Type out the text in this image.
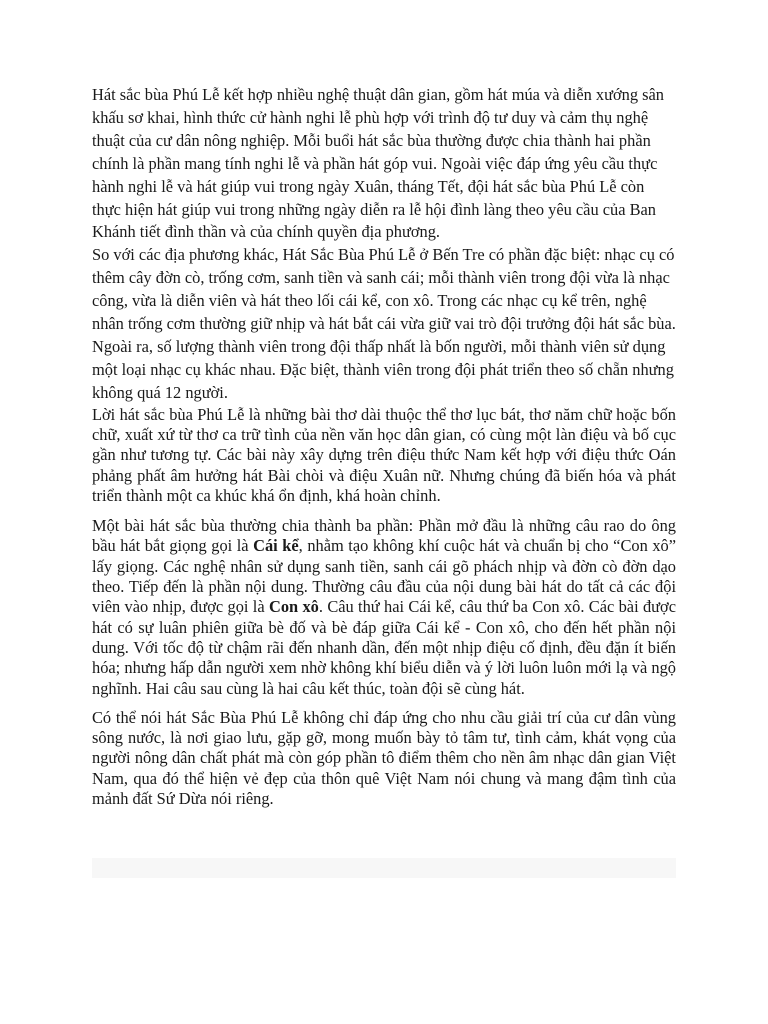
Hát sắc bùa Phú Lễ kết hợp nhiều nghệ thuật dân gian, gồm hát múa và diễn xướng sân khấu sơ khai, hình thức cử hành nghi lễ phù hợp với trình độ tư duy và cảm thụ nghệ thuật của cư dân nông nghiệp. Mỗi buổi hát sắc bùa thường được chia thành hai phần chính là phần mang tính nghi lễ và phần hát góp vui. Ngoài việc đáp ứng yêu cầu thực hành nghi lễ và hát giúp vui trong ngày Xuân, tháng Tết, đội hát sắc bùa Phú Lễ còn thực hiện hát giúp vui trong những ngày diễn ra lễ hội đình làng theo yêu cầu của Ban Khánh tiết đình thần và của chính quyền địa phương.

So với các địa phương khác, Hát Sắc Bùa Phú Lễ ở Bến Tre có phần đặc biệt: nhạc cụ có thêm cây đờn cò, trống cơm, sanh tiền và sanh cái; mỗi thành viên trong đội vừa là nhạc công, vừa là diễn viên và hát theo lối cái kể, con xô. Trong các nhạc cụ kể trên, nghệ nhân trống cơm thường giữ nhịp và hát bắt cái vừa giữ vai trò đội trưởng đội hát sắc bùa. Ngoài ra, số lượng thành viên trong đội thấp nhất là bốn người, mỗi thành viên sử dụng một loại nhạc cụ khác nhau. Đặc biệt, thành viên trong đội phát triển theo số chẵn nhưng không quá 12 người.

Lời hát sắc bùa Phú Lễ là những bài thơ dài thuộc thể thơ lục bát, thơ năm chữ hoặc bốn chữ, xuất xứ từ thơ ca trữ tình của nền văn học dân gian, có cùng một làn điệu và bố cục gần như tương tự. Các bài này xây dựng trên điệu thức Nam kết hợp với điệu thức Oán phảng phất âm hưởng hát Bài chòi và điệu Xuân nữ. Nhưng chúng đã biến hóa và phát triển thành một ca khúc khá ổn định, khá hoàn chỉnh.

Một bài hát sắc bùa thường chia thành ba phần: Phần mở đầu là những câu rao do ông bầu hát bắt giọng gọi là Cái kể, nhằm tạo không khí cuộc hát và chuẩn bị cho “Con xô” lấy giọng. Các nghệ nhân sử dụng sanh tiền, sanh cái gõ phách nhịp và đờn cò đờn dạo theo. Tiếp đến là phần nội dung. Thường câu đầu của nội dung bài hát do tất cả các đội viên vào nhịp, được gọi là Con xô. Câu thứ hai Cái kể, câu thứ ba Con xô. Các bài được hát có sự luân phiên giữa bè đố và bè đáp giữa Cái kể - Con xô, cho đến hết phần nội dung. Với tốc độ từ chậm rãi đến nhanh dần, đến một nhịp điệu cố định, đều đặn ít biến hóa; nhưng hấp dẫn người xem nhờ không khí biểu diễn và ý lời luôn luôn mới lạ và ngộ nghĩnh. Hai câu sau cùng là hai câu kết thúc, toàn đội sẽ cùng hát.

Có thể nói hát Sắc Bùa Phú Lễ không chỉ đáp ứng cho nhu cầu giải trí của cư dân vùng sông nước, là nơi giao lưu, gặp gỡ, mong muốn bày tỏ tâm tư, tình cảm, khát vọng của người nông dân chất phát mà còn góp phần tô điểm thêm cho nền âm nhạc dân gian Việt Nam, qua đó thể hiện vẻ đẹp của thôn quê Việt Nam nói chung và mang đậm tình của mảnh đất Sứ Dừa nói riêng.
